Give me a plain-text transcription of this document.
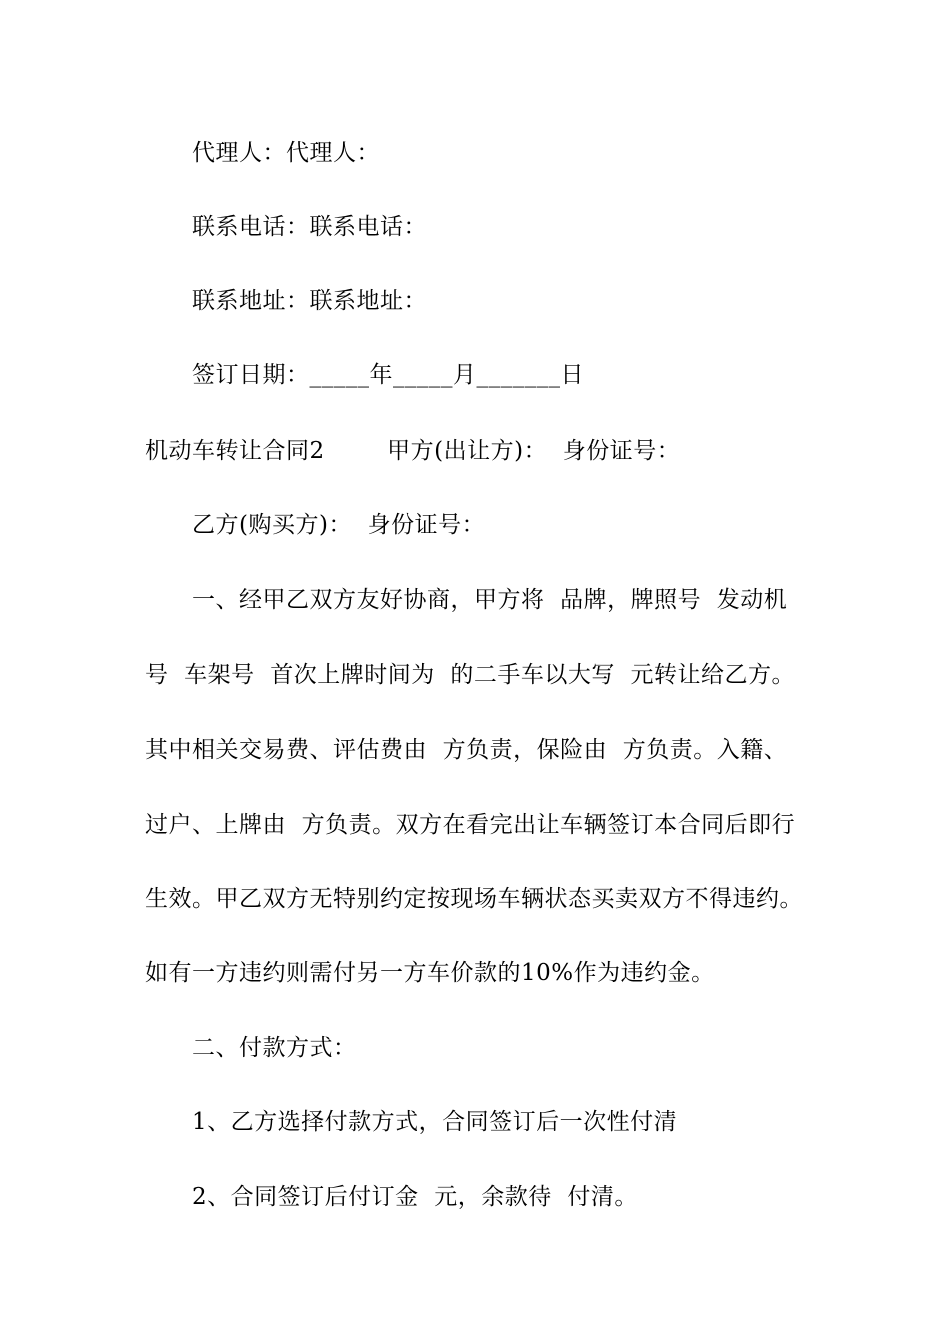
代理人：代理人：
联系电话：联系电话：
联系地址：联系地址：
签订日期：_____年_____月_______日
机动车转让合同2        甲方(出让方)：  身份证号：
乙方(购买方)：  身份证号：
一、经甲乙双方友好协商，甲方将  品牌，牌照号  发动机
号  车架号  首次上牌时间为  的二手车以大写  元转让给乙方。
其中相关交易费、评估费由  方负责，保险由  方负责。入籍、
过户、上牌由  方负责。双方在看完出让车辆签订本合同后即行
生效。甲乙双方无特别约定按现场车辆状态买卖双方不得违约。
如有一方违约则需付另一方车价款的10%作为违约金。
二、付款方式：
1、乙方选择付款方式，合同签订后一次性付清
2、合同签订后付订金  元，余款待  付清。
